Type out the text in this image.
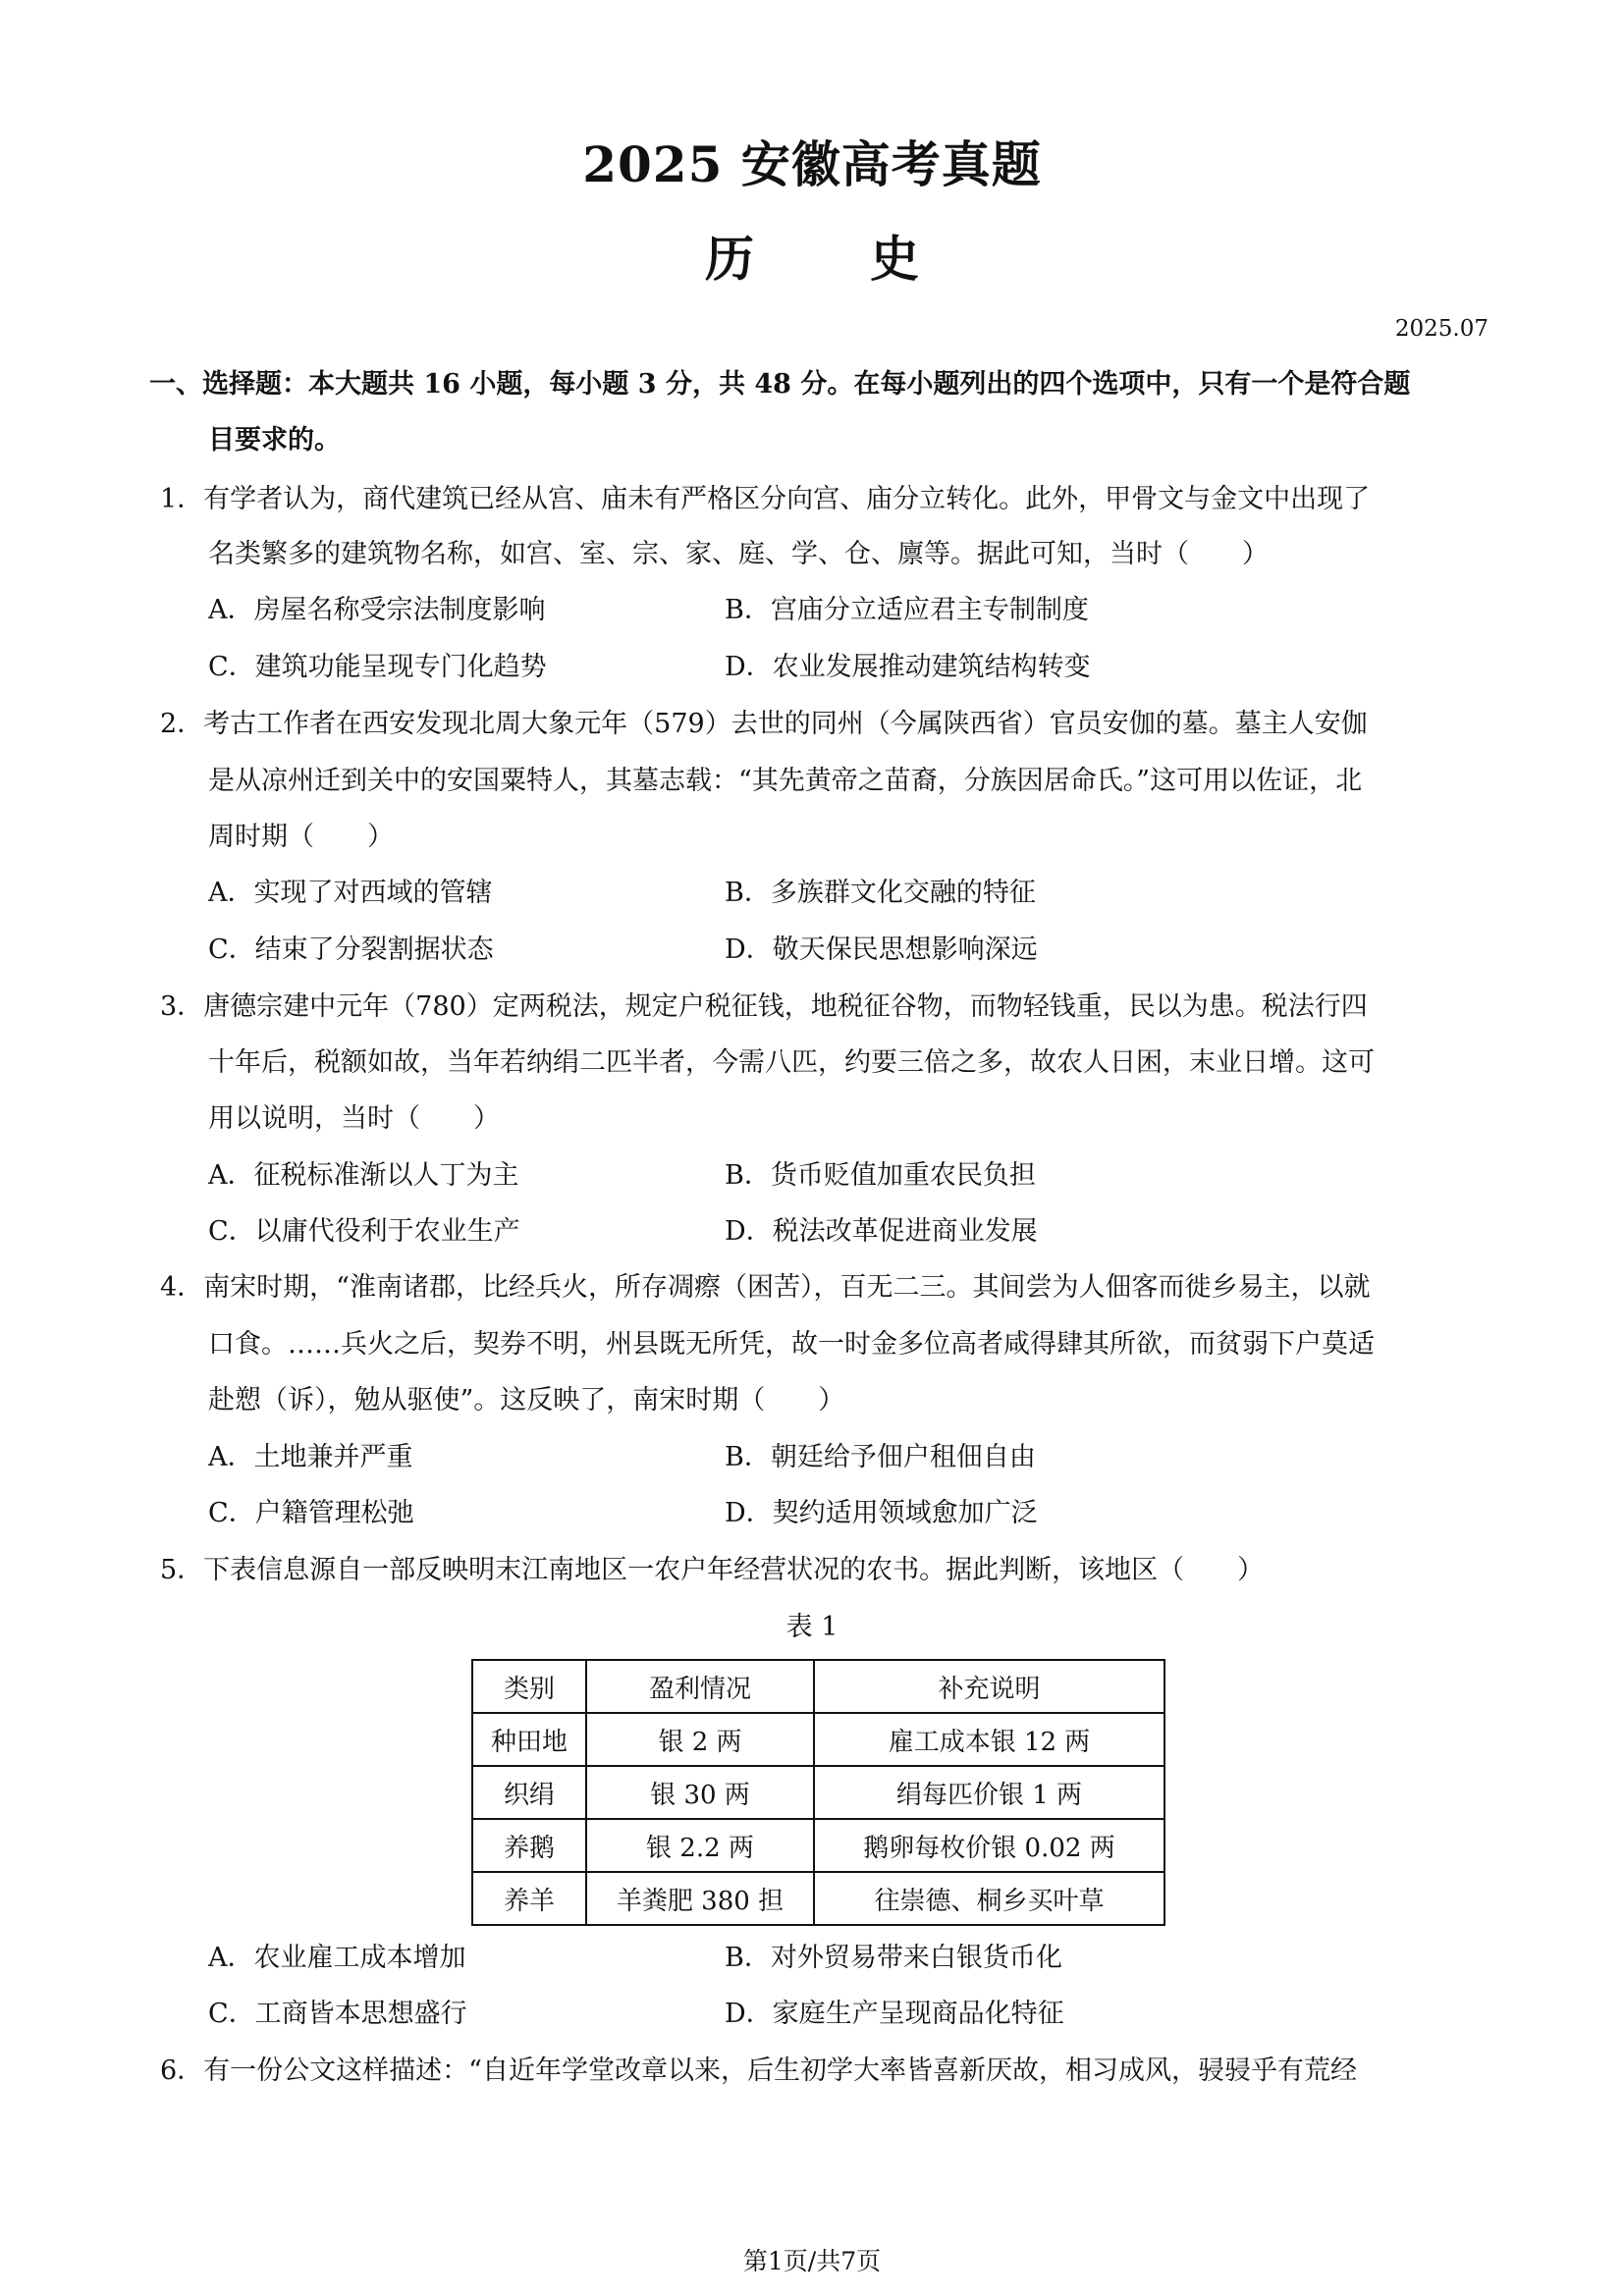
2025 安徽高考真题
历 史
2025.07
一、选择题：本大题共 16 小题，每小题 3 分，共 48 分。在每小题列出的四个选项中，只有一个是符合题
目要求的。
1．有学者认为，商代建筑已经从宫、庙未有严格区分向宫、庙分立转化。此外，甲骨文与金文中出现了
名类繁多的建筑物名称，如宫、室、宗、家、庭、学、仓、廪等。据此可知，当时（　　）
A．房屋名称受宗法制度影响	B．宫庙分立适应君主专制制度
C．建筑功能呈现专门化趋势	D．农业发展推动建筑结构转变
2．考古工作者在西安发现北周大象元年（579）去世的同州（今属陕西省）官员安伽的墓。墓主人安伽
是从凉州迁到关中的安国粟特人，其墓志载：“其先黄帝之苗裔，分族因居命氏。”这可用以佐证，北
周时期（　　）
A．实现了对西域的管辖	B．多族群文化交融的特征
C．结束了分裂割据状态	D．敬天保民思想影响深远
3．唐德宗建中元年（780）定两税法，规定户税征钱，地税征谷物，而物轻钱重，民以为患。税法行四
十年后，税额如故，当年若纳绢二匹半者，今需八匹，约要三倍之多，故农人日困，末业日增。这可
用以说明，当时（　　）
A．征税标准渐以人丁为主	B．货币贬值加重农民负担
C．以庸代役利于农业生产	D．税法改革促进商业发展
4．南宋时期，“淮南诸郡，比经兵火，所存凋瘵（困苦），百无二三。其间尝为人佃客而徙乡易主，以就
口食。……兵火之后，契券不明，州县既无所凭，故一时金多位高者咸得肆其所欲，而贫弱下户莫适
赴愬（诉），勉从驱使”。这反映了，南宋时期（　　）
A．土地兼并严重	B．朝廷给予佃户租佃自由
C．户籍管理松弛	D．契约适用领域愈加广泛
5．下表信息源自一部反映明末江南地区一农户年经营状况的农书。据此判断，该地区（　　）
表 1
类别	盈利情况	补充说明
种田地	银 2 两	雇工成本银 12 两
织绢	银 30 两	绢每匹价银 1 两
养鹅	银 2.2 两	鹅卵每枚价银 0.02 两
养羊	羊粪肥 380 担	往崇德、桐乡买叶草
A．农业雇工成本增加	B．对外贸易带来白银货币化
C．工商皆本思想盛行	D．家庭生产呈现商品化特征
6．有一份公文这样描述：“自近年学堂改章以来，后生初学大率皆喜新厌故，相习成风，骎骎乎有荒经
第1页/共7页
